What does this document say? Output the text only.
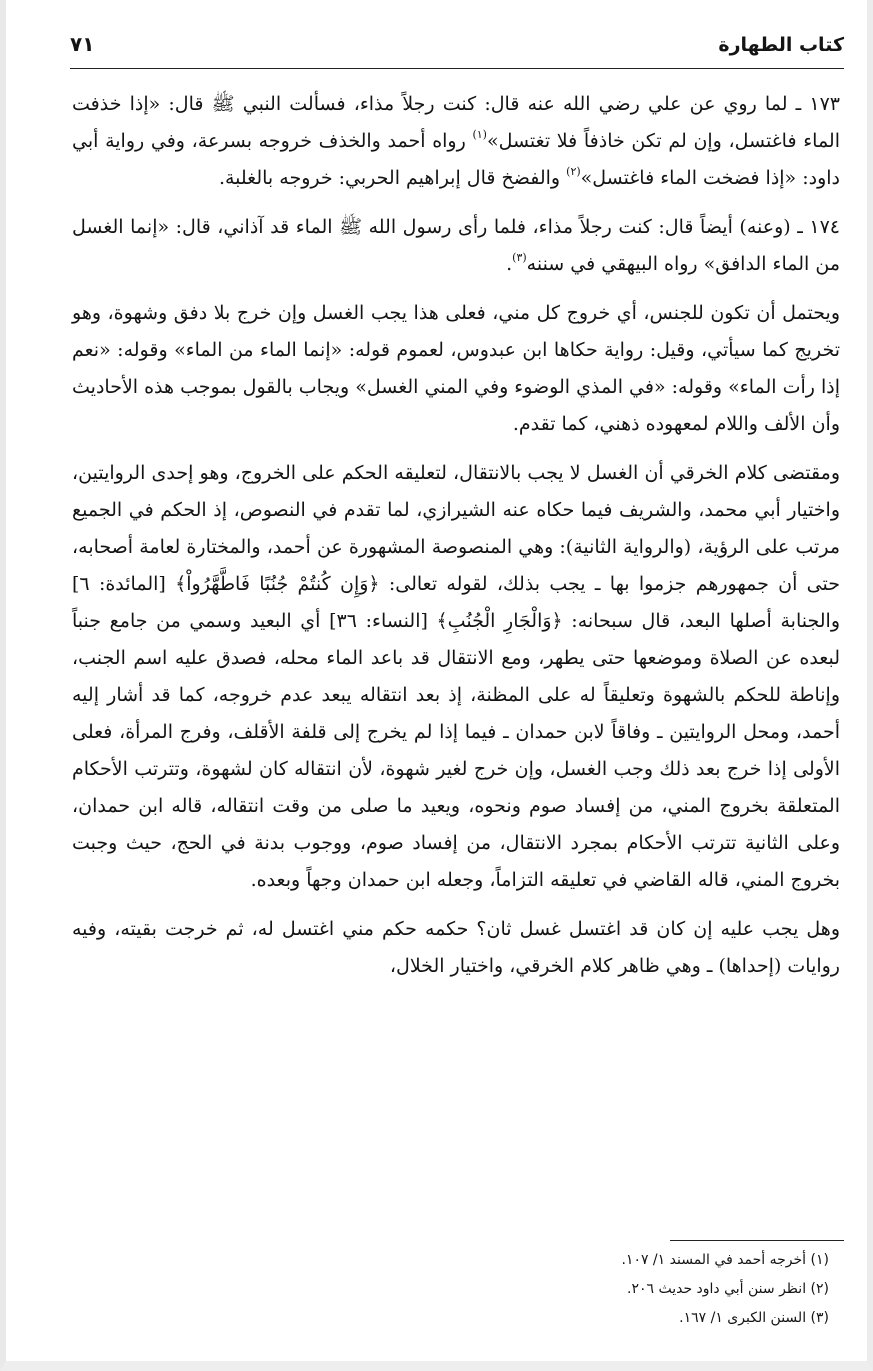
كتاب الطهارة
٧١

١٧٣ ـ لما روي عن علي رضي الله عنه قال: كنت رجلاً مذاء، فسألت النبي ﷺ قال: «إذا خذفت الماء فاغتسل، وإن لم تكن خاذفاً فلا تغتسل»$^{(١)}$ رواه أحمد والخذف خروجه بسرعة، وفي رواية أبي داود: «إذا فضخت الماء فاغتسل»$^{(٢)}$ والفضخ قال إبراهيم الحربي: خروجه بالغلبة.

١٧٤ ـ (وعنه) أيضاً قال: كنت رجلاً مذاء، فلما رأى رسول الله ﷺ الماء قد آذاني، قال: «إنما الغسل من الماء الدافق» رواه البيهقي في سننه$^{(٣)}$.

ويحتمل أن تكون للجنس، أي خروج كل مني، فعلى هذا يجب الغسل وإن خرج بلا دفق وشهوة، وهو تخريج كما سيأتي، وقيل: رواية حكاها ابن عبدوس، لعموم قوله: «إنما الماء من الماء» وقوله: «نعم إذا رأت الماء» وقوله: «في المذي الوضوء وفي المني الغسل» ويجاب بالقول بموجب هذه الأحاديث وأن الألف واللام لمعهوده ذهني، كما تقدم.

ومقتضى كلام الخرقي أن الغسل لا يجب بالانتقال، لتعليقه الحكم على الخروج، وهو إحدى الروايتين، واختيار أبي محمد، والشريف فيما حكاه عنه الشيرازي، لما تقدم في النصوص، إذ الحكم في الجميع مرتب على الرؤية، (والرواية الثانية): وهي المنصوصة المشهورة عن أحمد، والمختارة لعامة أصحابه، حتى أن جمهورهم جزموا بها ـ يجب بذلك، لقوله تعالى: ﴿وَإِن كُنتُمْ جُنُبًا فَاطَّهَّرُواْ﴾ [المائدة: ٦] والجنابة أصلها البعد، قال سبحانه: ﴿وَالْجَارِ الْجُنُبِ﴾ [النساء: ٣٦] أي البعيد وسمي من جامع جنباً لبعده عن الصلاة وموضعها حتى يطهر، ومع الانتقال قد باعد الماء محله، فصدق عليه اسم الجنب، وإناطة للحكم بالشهوة وتعليقاً له على المظنة، إذ بعد انتقاله يبعد عدم خروجه، كما قد أشار إليه أحمد، ومحل الروايتين ـ وفاقاً لابن حمدان ـ فيما إذا لم يخرج إلى قلفة الأقلف، وفرج المرأة، فعلى الأولى إذا خرج بعد ذلك وجب الغسل، وإن خرج لغير شهوة، لأن انتقاله كان لشهوة، وتترتب الأحكام المتعلقة بخروج المني، من إفساد صوم ونحوه، ويعيد ما صلى من وقت انتقاله، قاله ابن حمدان، وعلى الثانية تترتب الأحكام بمجرد الانتقال، من إفساد صوم، ووجوب بدنة في الحج، حيث وجبت بخروج المني، قاله القاضي في تعليقه التزاماً، وجعله ابن حمدان وجهاً وبعده.

وهل يجب عليه إن كان قد اغتسل غسل ثان؟ حكمه حكم مني اغتسل له، ثم خرجت بقيته، وفيه روايات (إحداها) ـ وهي ظاهر كلام الخرقي، واختيار الخلال،

(١) أخرجه أحمد في المسند ١/ ١٠٧.
(٢) انظر سنن أبي داود حديث ٢٠٦.
(٣) السنن الكبرى ١/ ١٦٧.
